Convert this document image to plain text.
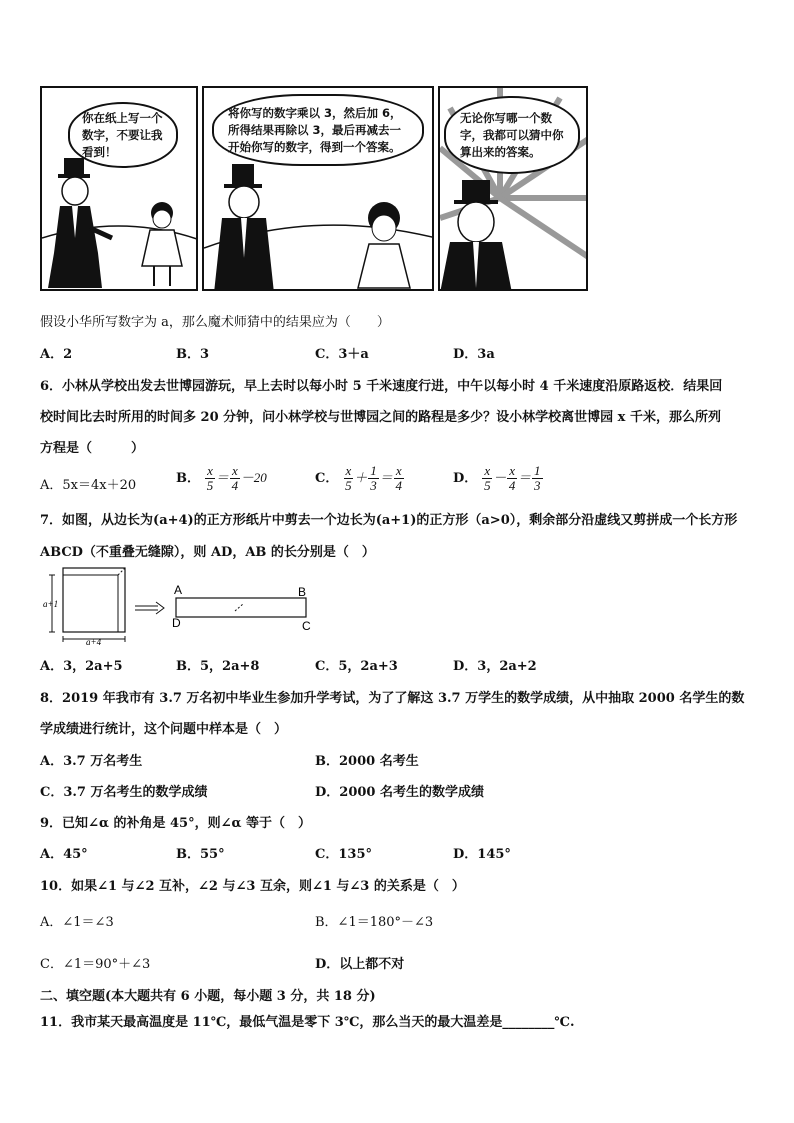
你在纸上写一个数字，不要让我看到！
将你写的数字乘以 3，然后加 6，所得结果再除以 3，最后再减去一开始你写的数字，得到一个答案。
无论你写哪一个数字，我都可以猜中你算出来的答案。
假设小华所写数字为 a，那么魔术师猜中的结果应为（　　）
A．2	B．3	C．3＋a	D．3a
6．小林从学校出发去世博园游玩，早上去时以每小时 5 千米速度行进，中午以每小时 4 千米速度沿原路返校．结果回
校时间比去时所用的时间多 20 分钟，问小林学校与世博园之间的路程是多少？设小林学校离世博园 x 千米，那么所列
方程是（　　　）
A．5x＝4x＋20	B． $\frac{x}{5} = \frac{x}{4} -20$	C． $\frac{x}{5} + \frac{1}{3} = \frac{x}{4}$	D． $\frac{x}{5} - \frac{x}{4} = \frac{1}{3}$
7．如图，从边长为(a+4)的正方形纸片中剪去一个边长为(a+1)的正方形（a>0），剩余部分沿虚线又剪拼成一个长方形
ABCD（不重叠无缝隙），则 AD，AB 的长分别是（　）
a+1
a+4
A	B
C
D
A．3，2a+5	B．5，2a+8	C．5，2a+3	D．3，2a+2
8．2019 年我市有 3.7 万名初中毕业生参加升学考试，为了了解这 3.7 万学生的数学成绩，从中抽取 2000 名学生的数
学成绩进行统计，这个问题中样本是（　）
A．3.7 万名考生	B．2000 名考生
C．3.7 万名考生的数学成绩	D．2000 名考生的数学成绩
9．已知∠α 的补角是 45°，则∠α 等于（　）
A．45°	B．55°	C．135°	D．145°
10．如果∠1 与∠2 互补，∠2 与∠3 互余，则∠1 与∠3 的关系是（　）
A．∠1＝∠3	B．∠1＝180°－∠3
C．∠1＝90°＋∠3	D．以上都不对
二、填空题(本大题共有 6 小题，每小题 3 分，共 18 分)
11．我市某天最高温度是 11℃，最低气温是零下 3℃，那么当天的最大温差是________℃.
